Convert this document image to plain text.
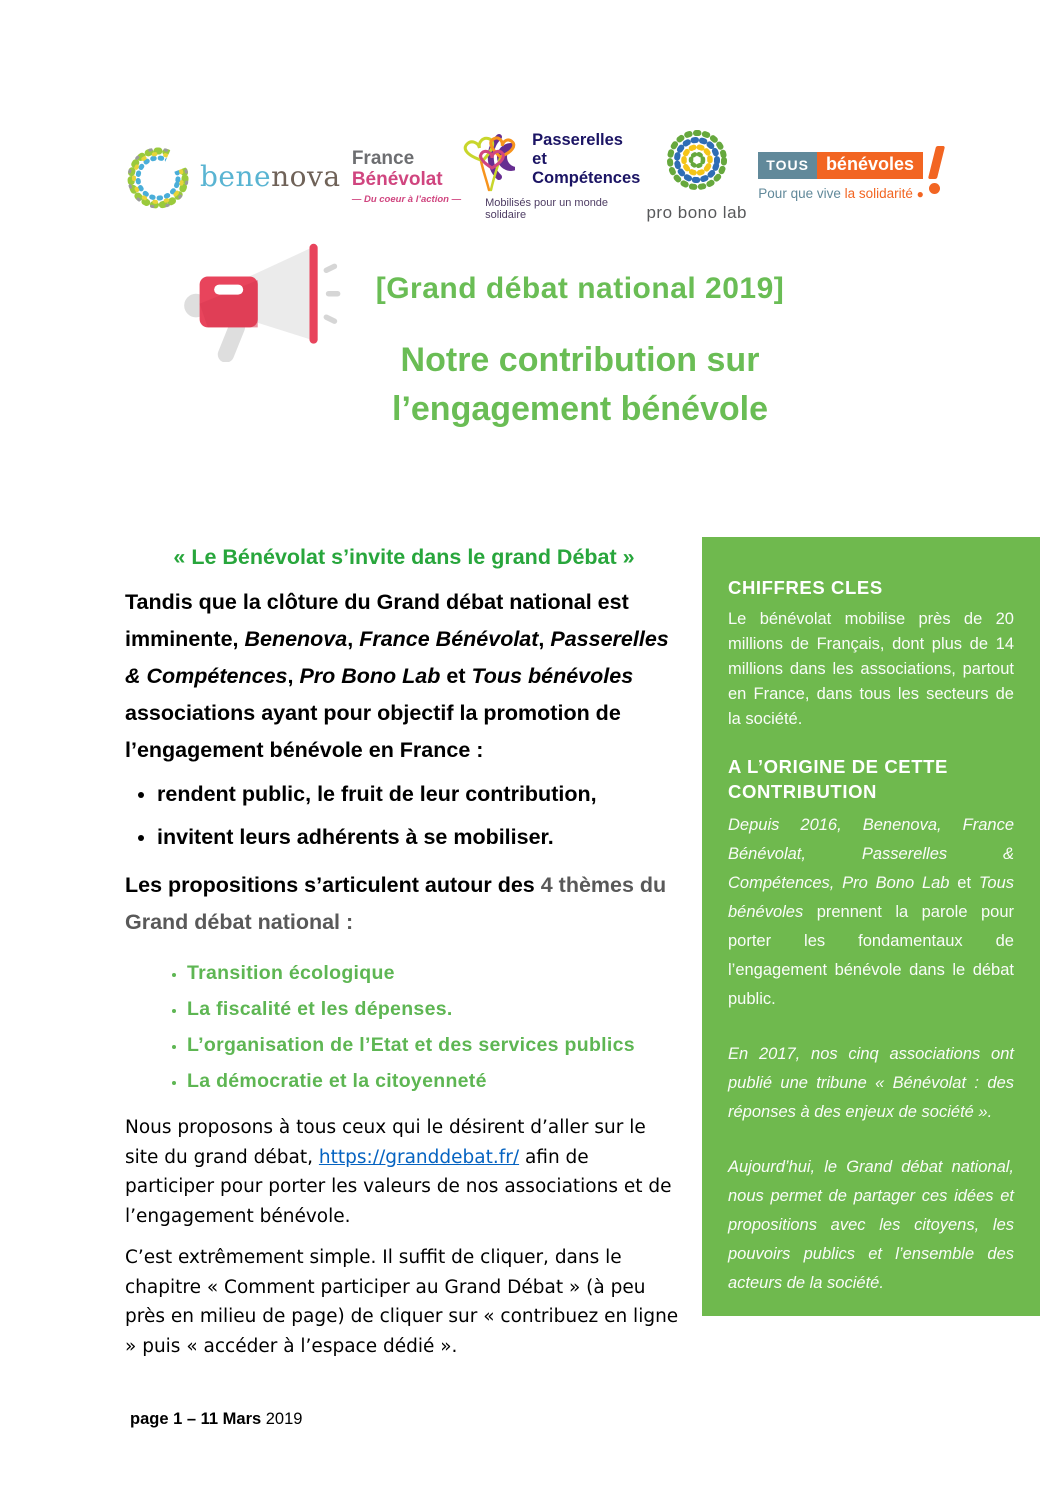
benenova
France
Bénévolat
— Du coeur à l’action —
Passerelles et
Compétences
Mobilisés pour un monde solidaire	pro bono lab
TOUS bénévoles
Pour que vive la solidarité ●
[Grand débat national 2019]
Notre contribution sur
l’engagement bénévole
« Le Bénévolat s’invite dans le grand Débat »

Tandis que la clôture du Grand débat national est imminente, Benenova, France Bénévolat, Passerelles & Compétences, Pro Bono Lab et Tous bénévoles associations ayant pour objectif la promotion de l’engagement bénévole en France :

• rendent public, le fruit de leur contribution,
• invitent leurs adhérents à se mobiliser.

Les propositions s’articulent autour des 4 thèmes du Grand débat national :

• Transition écologique
• La fiscalité et les dépenses.
• L’organisation de l’Etat et des services publics
• La démocratie et la citoyenneté

Nous proposons à tous ceux qui le désirent d’aller sur le site du grand débat, https://granddebat.fr/ afin de participer pour porter les valeurs de nos associations et de l’engagement bénévole.

C’est extrêmement simple. Il suffit de cliquer, dans le chapitre « Comment participer au Grand Débat » (à peu près en milieu de page) de cliquer sur « contribuez en ligne » puis « accéder à l’espace dédié ».

CHIFFRES CLES

Le bénévolat mobilise près de 20 millions de Français, dont plus de 14 millions dans les associations, partout en France, dans tous les secteurs de la société.

A L’ORIGINE DE CETTE CONTRIBUTION

Depuis 2016, Benenova, France Bénévolat, Passerelles & Compétences, Pro Bono Lab et Tous bénévoles prennent la parole pour porter les fondamentaux de l’engagement bénévole dans le débat public.

En 2017, nos cinq associations ont publié une tribune « Bénévolat : des réponses à des enjeux de société ».

Aujourd’hui, le Grand débat national, nous permet de partager ces idées et propositions avec les citoyens, les pouvoirs publics et l’ensemble des acteurs de la société.

page 1 – 11 Mars 2019
